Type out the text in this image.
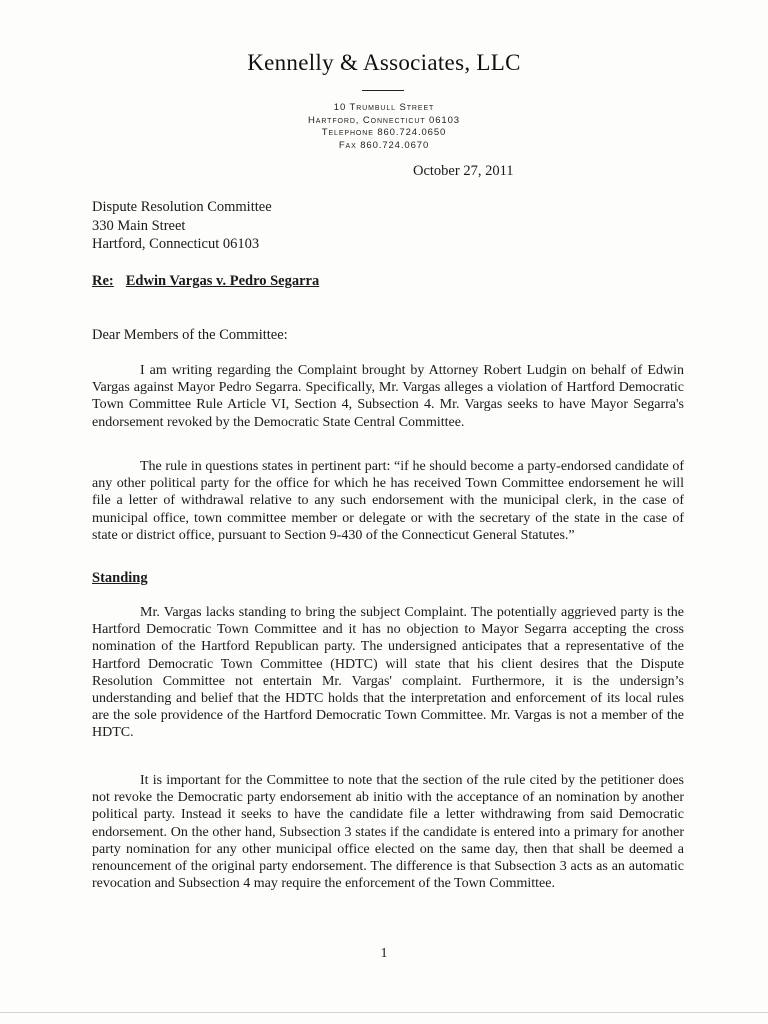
Kennelly & Associates, LLC
10 Trumbull Street
Hartford, Connecticut 06103
Telephone 860.724.0650
Fax 860.724.0670
October 27, 2011
Dispute Resolution Committee
330 Main Street
Hartford, Connecticut 06103
Re: Edwin Vargas v. Pedro Segarra
Dear Members of the Committee:

I am writing regarding the Complaint brought by Attorney Robert Ludgin on behalf of Edwin Vargas against Mayor Pedro Segarra. Specifically, Mr. Vargas alleges a violation of Hartford Democratic Town Committee Rule Article VI, Section 4, Subsection 4. Mr. Vargas seeks to have Mayor Segarra's endorsement revoked by the Democratic State Central Committee.

The rule in questions states in pertinent part: “if he should become a party-endorsed candidate of any other political party for the office for which he has received Town Committee endorsement he will file a letter of withdrawal relative to any such endorsement with the municipal clerk, in the case of municipal office, town committee member or delegate or with the secretary of the state in the case of state or district office, pursuant to Section 9-430 of the Connecticut General Statutes.”

Standing

Mr. Vargas lacks standing to bring the subject Complaint. The potentially aggrieved party is the Hartford Democratic Town Committee and it has no objection to Mayor Segarra accepting the cross nomination of the Hartford Republican party. The undersigned anticipates that a representative of the Hartford Democratic Town Committee (HDTC) will state that his client desires that the Dispute Resolution Committee not entertain Mr. Vargas' complaint. Furthermore, it is the undersign’s understanding and belief that the HDTC holds that the interpretation and enforcement of its local rules are the sole providence of the Hartford Democratic Town Committee. Mr. Vargas is not a member of the HDTC.

It is important for the Committee to note that the section of the rule cited by the petitioner does not revoke the Democratic party endorsement ab initio with the acceptance of an nomination by another political party. Instead it seeks to have the candidate file a letter withdrawing from said Democratic endorsement. On the other hand, Subsection 3 states if the candidate is entered into a primary for another party nomination for any other municipal office elected on the same day, then that shall be deemed a renouncement of the original party endorsement. The difference is that Subsection 3 acts as an automatic revocation and Subsection 4 may require the enforcement of the Town Committee.

1
